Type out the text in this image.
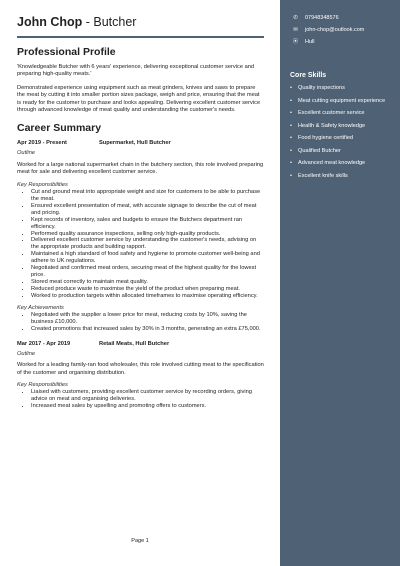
John Chop - Butcher
Professional Profile

'Knowledgeable Butcher with 6 years' experience, delivering exceptional customer service and preparing high-quality meats.'

Demonstrated experience using equipment such as meat grinders, knives and saws to prepare the meat by cutting it into smaller portion sizes package, weigh and price, ensuring that the meat is ready for the customer to purchase and looks appealing. Delivering excellent customer service through advanced knowledge of meat quality and understanding the customer's needs.

Career Summary
Apr 2019 - Present	Supermarket, Hull Butcher
Outline

Worked for a large national supermarket chain in the butchery section, this role involved preparing meat for sale and delivering excellent customer service.

Key Responsibilities
• Cut and ground meat into appropriate weight and size for customers to be able to purchase the meat.
• Ensured excellent presentation of meat, with accurate signage to describe the cut of meat and pricing.
• Kept records of inventory, sales and budgets to ensure the Butchers department ran efficiency.
• Performed quality assurance inspections, selling only high-quality products.
• Delivered excellent customer service by understanding the customer's needs, advising on the appropriate products and building rapport.
• Maintained a high standard of food safety and hygiene to promote customer well-being and adhere to UK regulations.
• Negotiated and confirmed meat orders, securing meat of the highest quality for the lowest price.
• Stored meat correctly to maintain meat quality.
• Reduced produce waste to maximise the yield of the product when preparing meat.
• Worked to production targets within allocated timeframes to maximise operating efficiency.
Key Achievements
• Negotiated with the supplier a lower price for meat, reducing costs by 10%, saving the business £10,000.
• Created promotions that increased sales by 30% in 3 months, generating an extra £75,000.
Mar 2017 - Apr 2019	Retail Meats, Hull Butcher
Outline

Worked for a leading family-ran food wholesaler, this role involved cutting meat to the specification of the customer and organising distribution.

Key Responsibilities
• Liaised with customers, providing excellent customer service by recording orders, giving advice on meat and organising deliveries.
• Increased meat sales by upselling and promoting offers to customers.
Page 1
✆	07948348576
✉	john-chop@outlook.com
⦿	Hull
Core Skills
•	Quality inspections
•	Meat cutting equipment experience
•	Excellent customer service
•	Health & Safety knowledge
•	Food hygiene certified
•	Qualified Butcher
•	Advanced meat knowledge
•	Excellent knife skills
